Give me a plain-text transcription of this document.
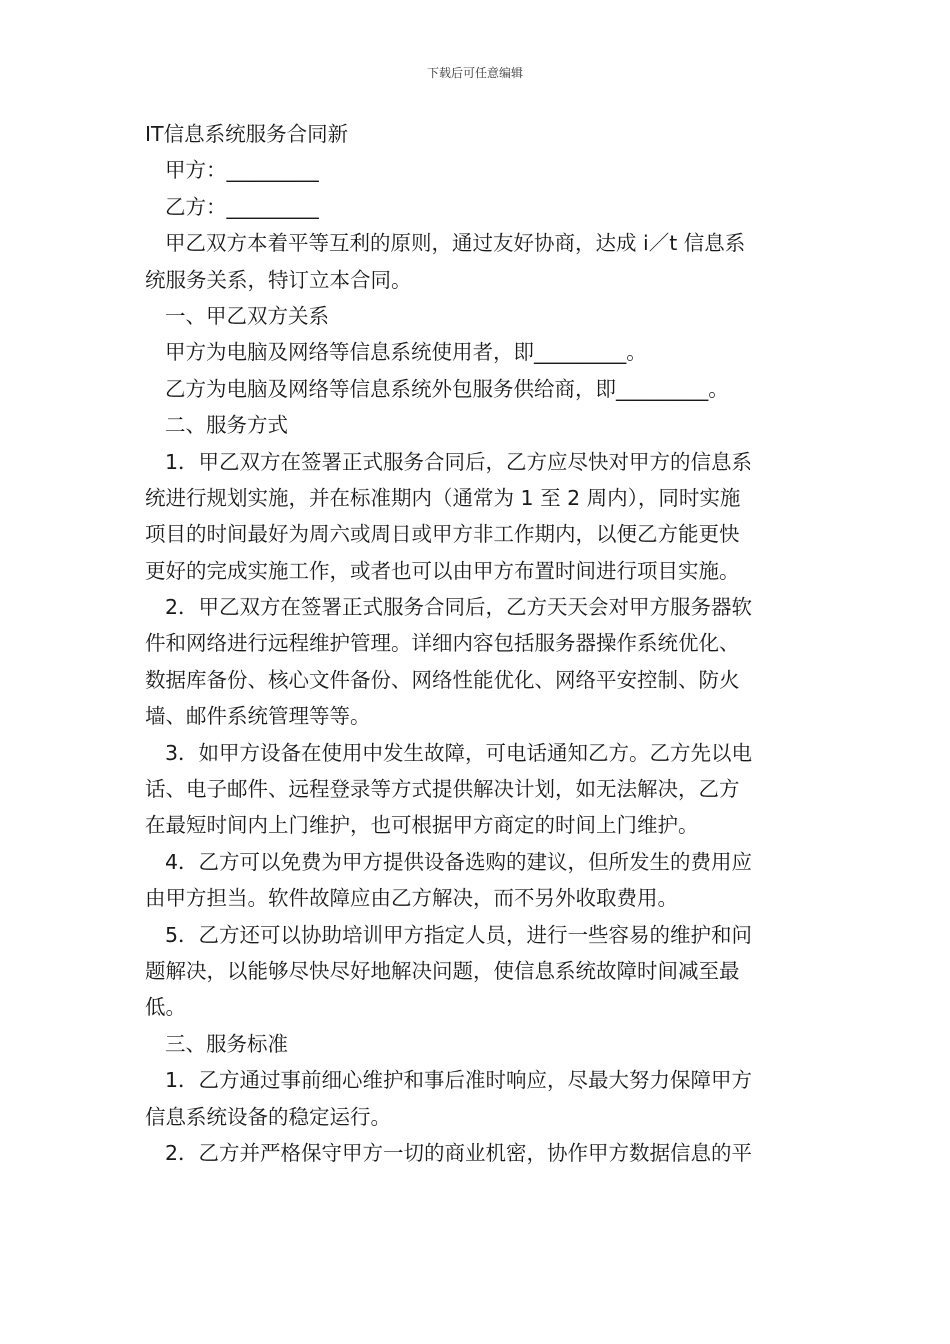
下载后可任意编辑
IT信息系统服务合同新
甲方：_________
乙方：_________
甲乙双方本着平等互利的原则，通过友好协商，达成 i／t 信息系
统服务关系，特订立本合同。
一、甲乙双方关系
甲方为电脑及网络等信息系统使用者，即_________。
乙方为电脑及网络等信息系统外包服务供给商，即_________。
二、服务方式
1．甲乙双方在签署正式服务合同后，乙方应尽快对甲方的信息系
统进行规划实施，并在标准期内（通常为 1 至 2 周内），同时实施
项目的时间最好为周六或周日或甲方非工作期内，以便乙方能更快
更好的完成实施工作，或者也可以由甲方布置时间进行项目实施。
2．甲乙双方在签署正式服务合同后，乙方天天会对甲方服务器软
件和网络进行远程维护管理。详细内容包括服务器操作系统优化、
数据库备份、核心文件备份、网络性能优化、网络平安控制、防火
墙、邮件系统管理等等。
3．如甲方设备在使用中发生故障，可电话通知乙方。乙方先以电
话、电子邮件、远程登录等方式提供解决计划，如无法解决，乙方
在最短时间内上门维护，也可根据甲方商定的时间上门维护。
4．乙方可以免费为甲方提供设备选购的建议，但所发生的费用应
由甲方担当。软件故障应由乙方解决，而不另外收取费用。
5．乙方还可以协助培训甲方指定人员，进行一些容易的维护和问
题解决，以能够尽快尽好地解决问题，使信息系统故障时间减至最
低。
三、服务标准
1．乙方通过事前细心维护和事后准时响应，尽最大努力保障甲方
信息系统设备的稳定运行。
2．乙方并严格保守甲方一切的商业机密，协作甲方数据信息的平
